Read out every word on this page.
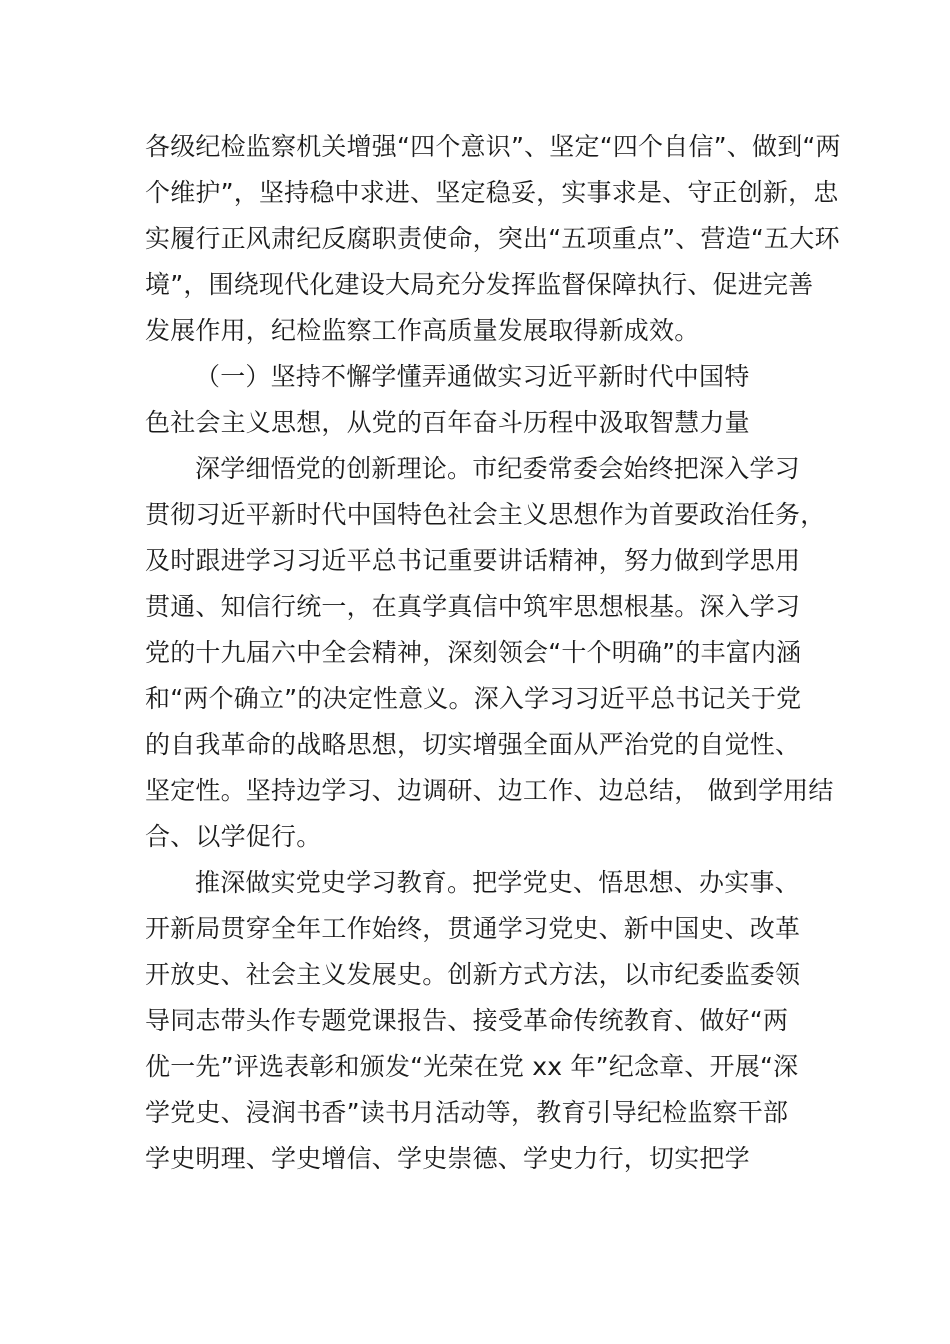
各级纪检监察机关增强“四个意识”、坚定“四个自信”、做到“两
个维护”，坚持稳中求进、坚定稳妥，实事求是、守正创新，忠
实履行正风肃纪反腐职责使命，突出“五项重点”、营造“五大环
境”，围绕现代化建设大局充分发挥监督保障执行、促进完善
发展作用，纪检监察工作高质量发展取得新成效。
（一）坚持不懈学懂弄通做实习近平新时代中国特
色社会主义思想，从党的百年奋斗历程中汲取智慧力量
深学细悟党的创新理论。市纪委常委会始终把深入学习
贯彻习近平新时代中国特色社会主义思想作为首要政治任务，
及时跟进学习习近平总书记重要讲话精神，努力做到学思用
贯通、知信行统一，在真学真信中筑牢思想根基。深入学习
党的十九届六中全会精神，深刻领会“十个明确”的丰富内涵
和“两个确立”的决定性意义。深入学习习近平总书记关于党
的自我革命的战略思想，切实增强全面从严治党的自觉性、
坚定性。坚持边学习、边调研、边工作、边总结， 做到学用结
合、以学促行。
推深做实党史学习教育。把学党史、悟思想、办实事、
开新局贯穿全年工作始终，贯通学习党史、新中国史、改革
开放史、社会主义发展史。创新方式方法，以市纪委监委领
导同志带头作专题党课报告、接受革命传统教育、做好“两
优一先”评选表彰和颁发“光荣在党 xx 年”纪念章、开展“深
学党史、浸润书香”读书月活动等，教育引导纪检监察干部
学史明理、学史增信、学史崇德、学史力行，切实把学
